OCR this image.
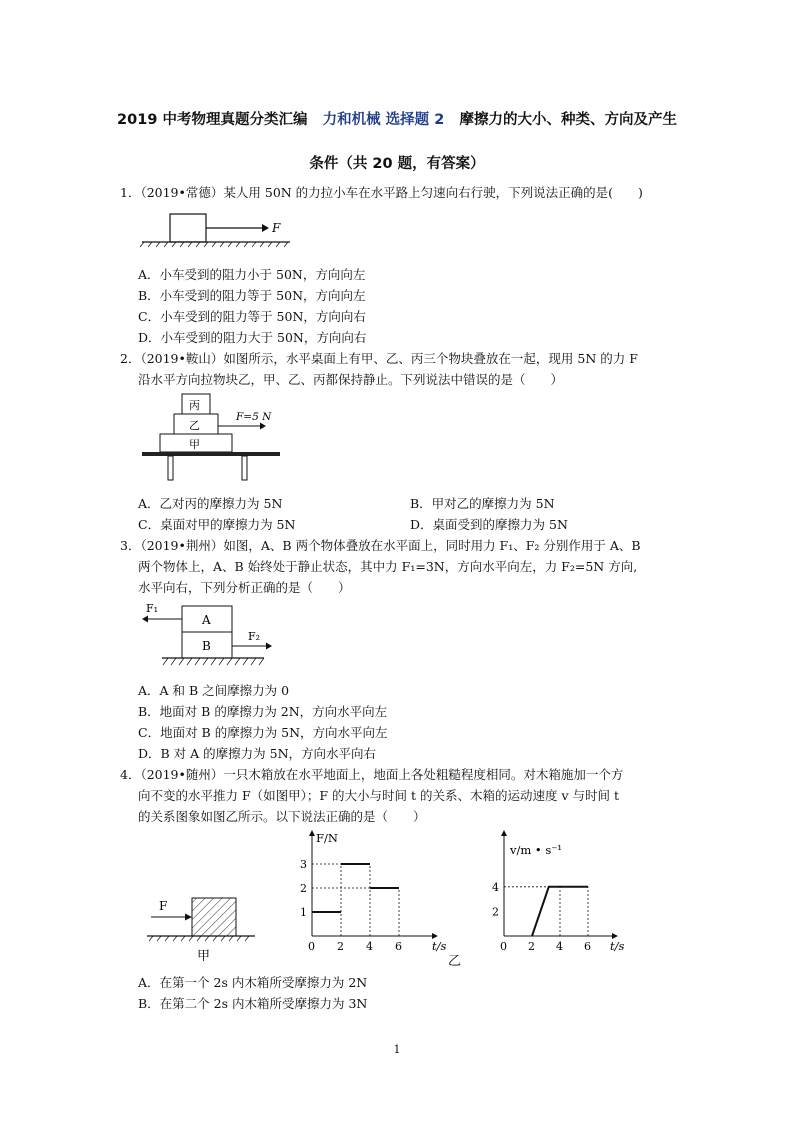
2019 中考物理真题分类汇编 力和机械 选择题 2 摩擦力的大小、种类、方向及产生
条件（共 20 题，有答案）
1．（2019•常德）某人用 50N 的力拉小车在水平路上匀速向右行驶，下列说法正确的是(　　)
F
A．小车受到的阻力小于 50N，方向向左
B．小车受到的阻力等于 50N，方向向左
C．小车受到的阻力等于 50N，方向向右
D．小车受到的阻力大于 50N，方向向右
2．（2019•鞍山）如图所示，水平桌面上有甲、乙、丙三个物块叠放在一起，现用 5N 的力 F
沿水平方向拉物块乙，甲、乙、丙都保持静止。下列说法中错误的是（　　）
丙
乙
甲
F=5 N
A．乙对丙的摩擦力为 5N	B．甲对乙的摩擦力为 5N
C．桌面对甲的摩擦力为 5N	D．桌面受到的摩擦力为 5N
3．（2019•荆州）如图，A、B 两个物体叠放在水平面上，同时用力 F₁、F₂ 分别作用于 A、B
两个物体上，A、B 始终处于静止状态，其中力 F₁=3N，方向水平向左，力 F₂=5N 方向,
水平向右，下列分析正确的是（　　）
A
B
F₁
F₂
A．A 和 B 之间摩擦力为 0
B．地面对 B 的摩擦力为 2N，方向水平向左
C．地面对 B 的摩擦力为 5N，方向水平向左
D．B 对 A 的摩擦力为 5N，方向水平向右
4．（2019•随州）一只木箱放在水平地面上，地面上各处粗糙程度相同。对木箱施加一个方
向不变的水平推力 F（如图甲）；F 的大小与时间 t 的关系、木箱的运动速度 v 与时间 t
的关系图象如图乙所示。以下说法正确的是（　　）
F
甲
0 2 4 6
1
2
3
t/s
F/N
0 2 4 6
2
4
t/s
v/m • s⁻¹
乙
A．在第一个 2s 内木箱所受摩擦力为 2N
B．在第二个 2s 内木箱所受摩擦力为 3N
1
